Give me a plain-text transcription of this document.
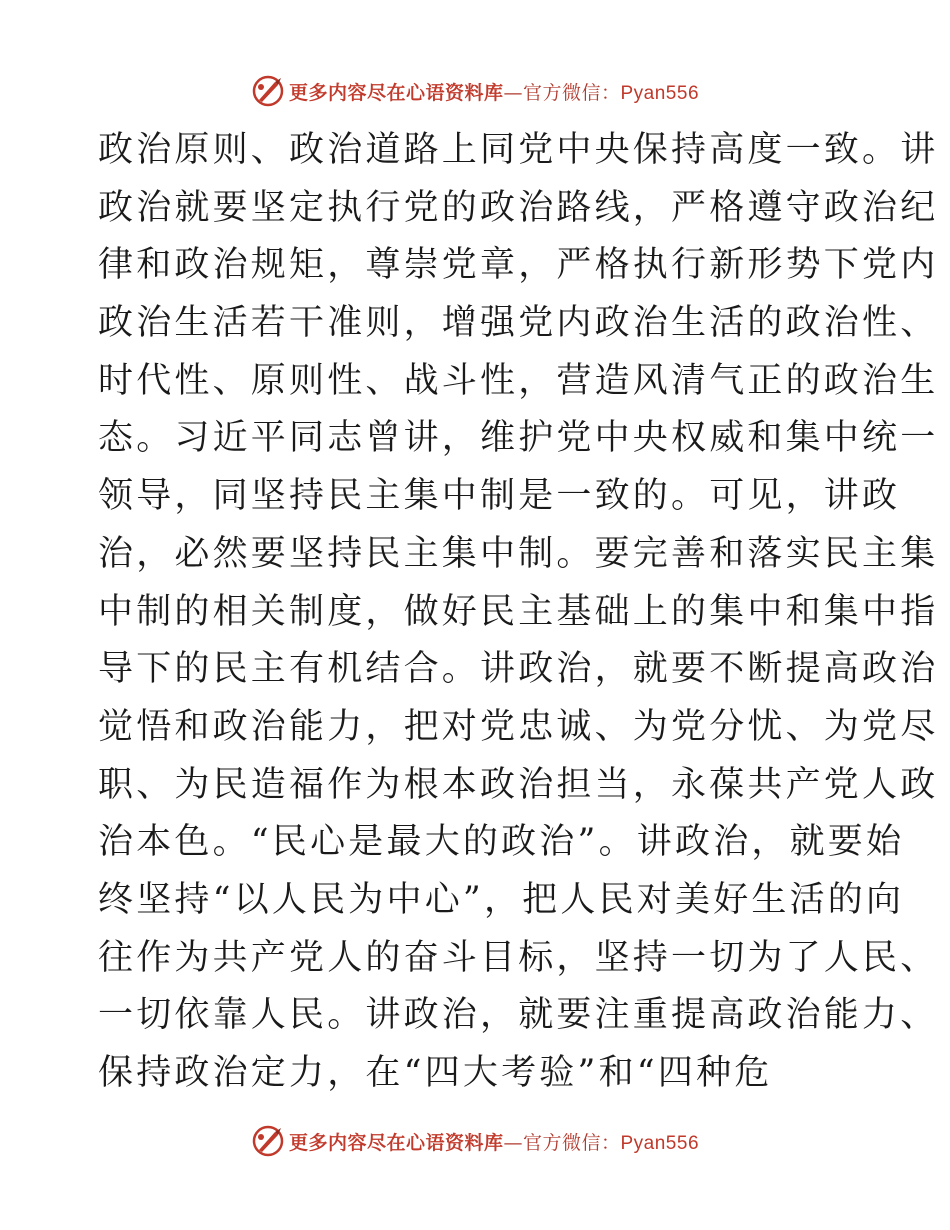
更多内容尽在心语资料库—官方微信：Pyan556
政治原则、政治道路上同党中央保持高度一致。讲
政治就要坚定执行党的政治路线，严格遵守政治纪
律和政治规矩，尊崇党章，严格执行新形势下党内
政治生活若干准则，增强党内政治生活的政治性、
时代性、原则性、战斗性，营造风清气正的政治生
态。习近平同志曾讲，维护党中央权威和集中统一
领导，同坚持民主集中制是一致的。可见，讲政
治，必然要坚持民主集中制。要完善和落实民主集
中制的相关制度，做好民主基础上的集中和集中指
导下的民主有机结合。讲政治，就要不断提高政治
觉悟和政治能力，把对党忠诚、为党分忧、为党尽
职、为民造福作为根本政治担当，永葆共产党人政
治本色。“民心是最大的政治”。讲政治，就要始
终坚持“以人民为中心”，把人民对美好生活的向
往作为共产党人的奋斗目标，坚持一切为了人民、
一切依靠人民。讲政治，就要注重提高政治能力、
保持政治定力，在“四大考验”和“四种危
更多内容尽在心语资料库—官方微信：Pyan556
